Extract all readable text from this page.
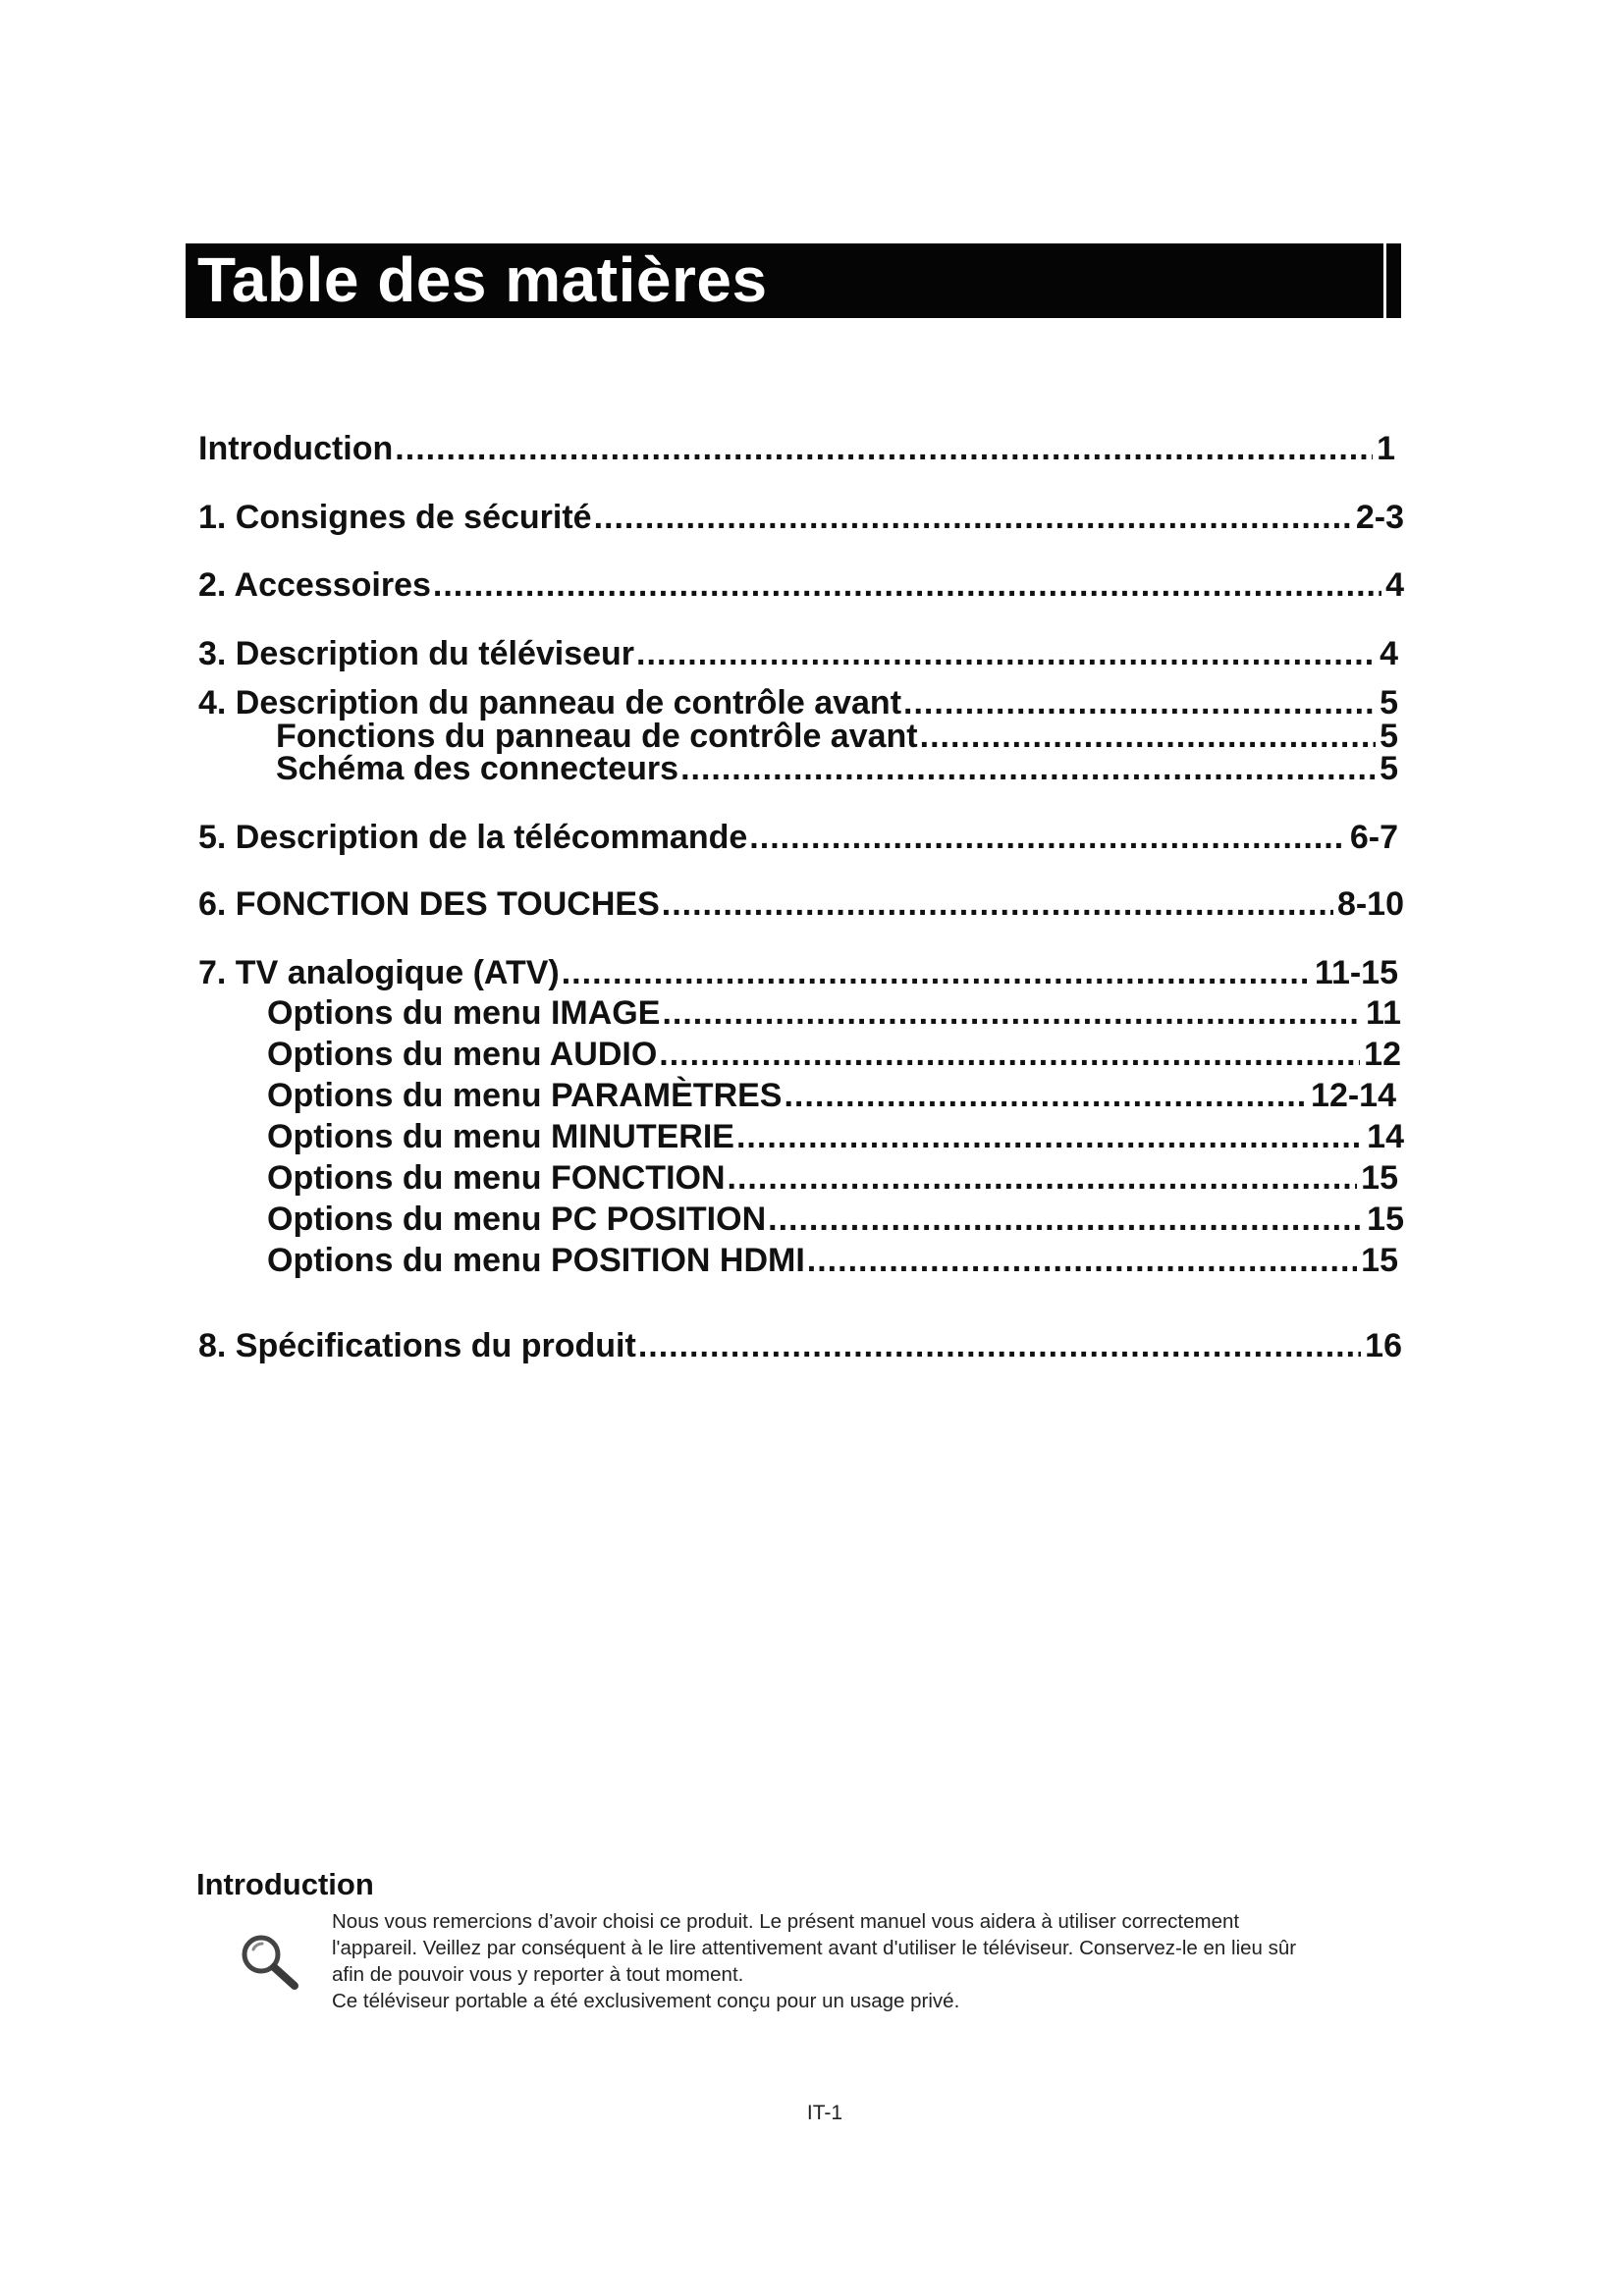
Table des matières
Introduction .....	1
1. Consignes de sécurité .....	2-3
2. Accessoires .....	4
3. Description du téléviseur .....	4
4. Description du panneau de contrôle avant .....	5
Fonctions du panneau de contrôle avant .....	5
Schéma des connecteurs .....	5
5. Description de la télécommande .....	6-7
6. FONCTION DES TOUCHES .....	8-10
7. TV analogique (ATV) .....	11-15
Options du menu IMAGE .....	11
Options du menu AUDIO .....	12
Options du menu PARAMÈTRES .....	12-14
Options du menu MINUTERIE .....	14
Options du menu FONCTION .....	15
Options du menu PC POSITION .....	15
Options du menu POSITION HDMI .....	15
8. Spécifications du produit .....	16
Introduction

Nous vous remercions d’avoir choisi ce produit. Le présent manuel vous aidera à utiliser correctement

l'appareil. Veillez par conséquent à le lire attentivement avant d'utiliser le téléviseur. Conservez-le en lieu sûr

afin de pouvoir vous y reporter à tout moment.

Ce téléviseur portable a été exclusivement conçu pour un usage privé.

IT-1
